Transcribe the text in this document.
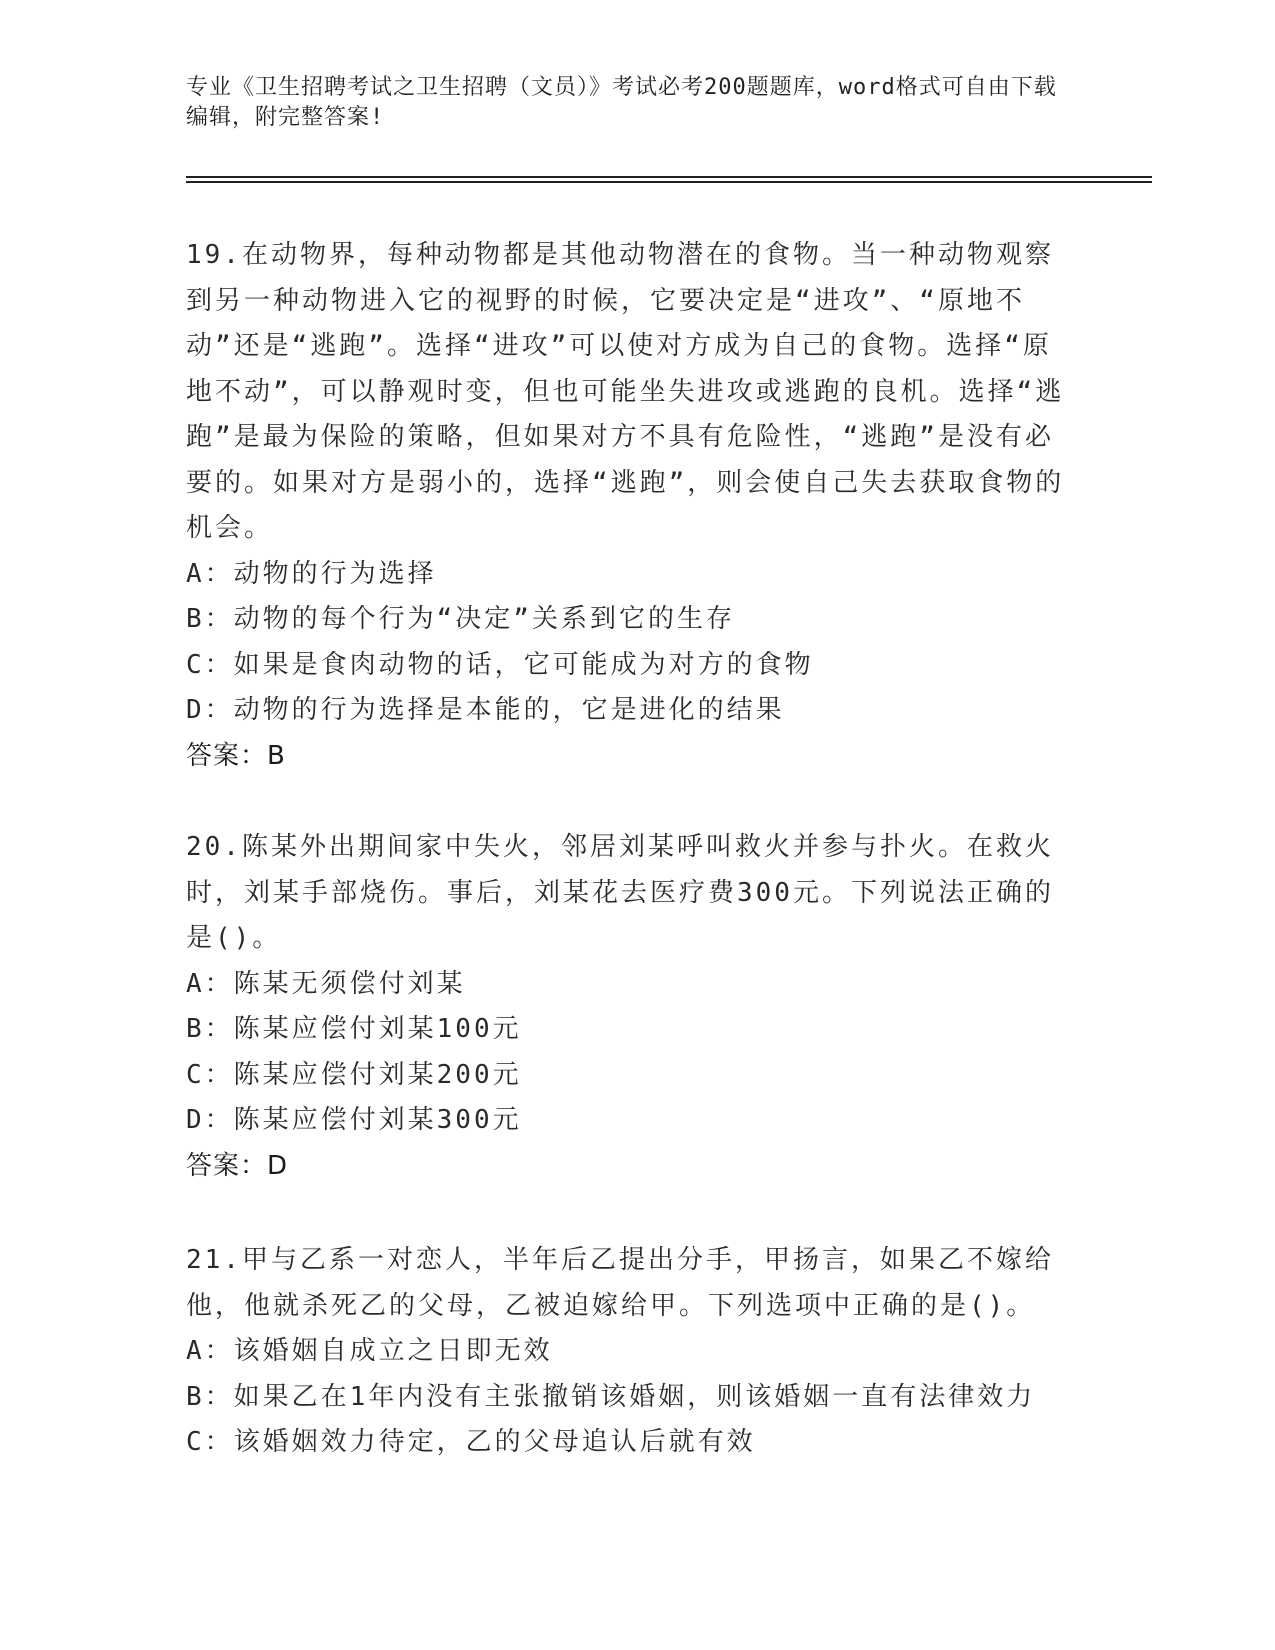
专业《卫生招聘考试之卫生招聘（文员）》考试必考200题题库，word格式可自由下载编辑，附完整答案!

19.在动物界，每种动物都是其他动物潜在的食物。当一种动物观察到另一种动物进入它的视野的时候，它要决定是“进攻”、“原地不动”还是“逃跑”。选择“进攻”可以使对方成为自己的食物。选择“原地不动”，可以静观时变，但也可能坐失进攻或逃跑的良机。选择“逃跑”是最为保险的策略，但如果对方不具有危险性，“逃跑”是没有必要的。如果对方是弱小的，选择“逃跑”，则会使自己失去获取食物的机会。

A：动物的行为选择

B：动物的每个行为“决定”关系到它的生存

C：如果是食肉动物的话，它可能成为对方的食物

D：动物的行为选择是本能的，它是进化的结果

答案：B

20.陈某外出期间家中失火，邻居刘某呼叫救火并参与扑火。在救火时，刘某手部烧伤。事后，刘某花去医疗费300元。下列说法正确的是()。

A：陈某无须偿付刘某

B：陈某应偿付刘某100元

C：陈某应偿付刘某200元

D：陈某应偿付刘某300元

答案：D

21.甲与乙系一对恋人，半年后乙提出分手，甲扬言，如果乙不嫁给他，他就杀死乙的父母，乙被迫嫁给甲。下列选项中正确的是()。

A：该婚姻自成立之日即无效

B：如果乙在1年内没有主张撤销该婚姻，则该婚姻一直有法律效力

C：该婚姻效力待定，乙的父母追认后就有效
